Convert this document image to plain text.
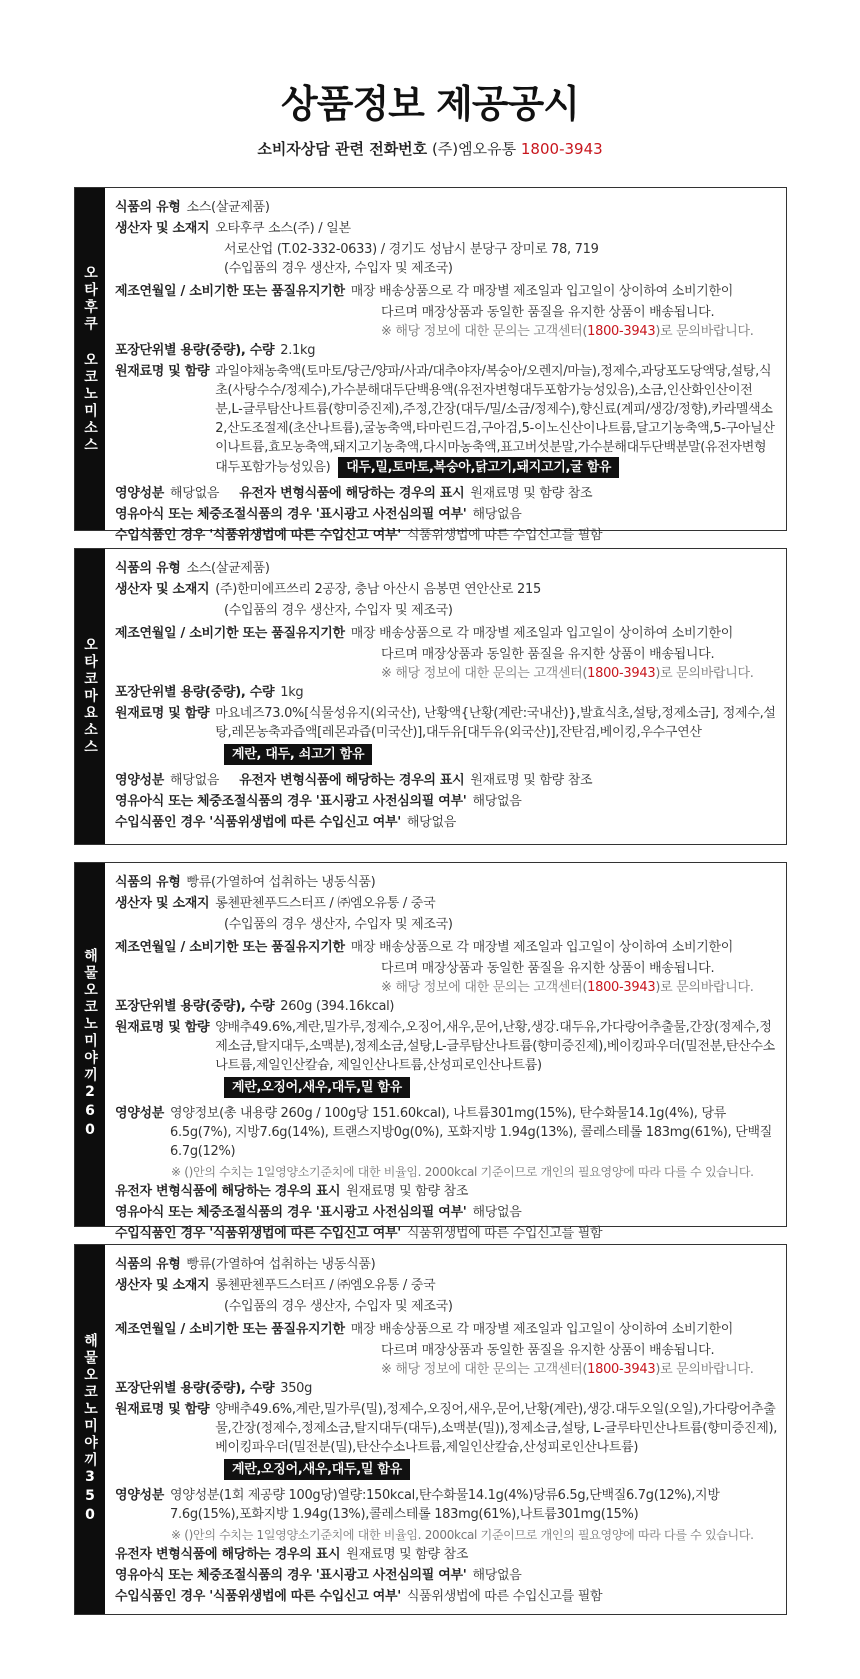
상품정보 제공공시
소비자상담 관련 전화번호 (주)엠오유통 1800-3943
오타후쿠 오코노미소스
식품의 유형 소스(살균제품)
생산자 및 소재지 오타후쿠 소스(주) / 일본
서로산업 (T.02-332-0633) / 경기도 성남시 분당구 장미로 78, 719
(수입품의 경우 생산자, 수입자 및 제조국)
제조연월일 / 소비기한 또는 품질유지기한 매장 배송상품으로 각 매장별 제조일과 입고일이 상이하여 소비기한이
다르며 매장상품과 동일한 품질을 유지한 상품이 배송됩니다.
※ 해당 정보에 대한 문의는 고객센터(1800-3943)로 문의바랍니다.
포장단위별 용량(중량), 수량 2.1kg
원재료명 및 함량 과일야채농축액(토마토/당근/양파/사과/대추야자/복숭아/오렌지/마늘),정제수,과당포도당액당,설탕,식초(사탕수수/정제수),가수분해대두단백용액(유전자변형대두포함가능성있음),소금,인산화인산이전분,L-글루탐산나트륨(향미증진제),주정,간장(대두/밀/소금/정제수),향신료(계피/생강/정향),카라멜색소2,산도조절제(초산나트륨),굴농축액,타마린드검,구아검,5-이노신산이나트륨,달고기농축액,5-구아닐산이나트륨,효모농축액,돼지고기농축액,다시마농축액,표고버섯분말,가수분해대두단백분말(유전자변형대두포함가능성있음) 대두,밀,토마토,복숭아,닭고기,돼지고기,굴 함유
영양성분 해당없음 유전자 변형식품에 해당하는 경우의 표시 원재료명 및 함량 참조
영유아식 또는 체중조절식품의 경우 '표시광고 사전심의필 여부' 해당없음
수입식품인 경우 '식품위생법에 따른 수입신고 여부' 식품위생법에 따른 수입신고를 필함
오타코마요소스
식품의 유형 소스(살균제품)
생산자 및 소재지 (주)한미에프쓰리 2공장, 충남 아산시 음봉면 연안산로 215
(수입품의 경우 생산자, 수입자 및 제조국)
제조연월일 / 소비기한 또는 품질유지기한 매장 배송상품으로 각 매장별 제조일과 입고일이 상이하여 소비기한이
다르며 매장상품과 동일한 품질을 유지한 상품이 배송됩니다.
※ 해당 정보에 대한 문의는 고객센터(1800-3943)로 문의바랍니다.
포장단위별 용량(중량), 수량 1kg
원재료명 및 함량 마요네즈73.0%[식물성유지(외국산), 난황액{난황(계란:국내산)},발효식초,설탕,정제소금], 정제수,설탕,레몬농축과즙액[레몬과즙(미국산)],대두유[대두유(외국산)],잔탄검,베이킹,우수구연산
계란, 대두, 쇠고기 함유
영양성분 해당없음 유전자 변형식품에 해당하는 경우의 표시 원재료명 및 함량 참조
영유아식 또는 체중조절식품의 경우 '표시광고 사전심의필 여부' 해당없음
수입식품인 경우 '식품위생법에 따른 수입신고 여부' 해당없음
해물오코노미야끼260
식품의 유형 빵류(가열하여 섭취하는 냉동식품)
생산자 및 소재지 롱첸판첸푸드스터프 / ㈜엠오유통 / 중국
(수입품의 경우 생산자, 수입자 및 제조국)
제조연월일 / 소비기한 또는 품질유지기한 매장 배송상품으로 각 매장별 제조일과 입고일이 상이하여 소비기한이
다르며 매장상품과 동일한 품질을 유지한 상품이 배송됩니다.
※ 해당 정보에 대한 문의는 고객센터(1800-3943)로 문의바랍니다.
포장단위별 용량(중량), 수량 260g (394.16kcal)
원재료명 및 함량 양배추49.6%,계란,밀가루,정제수,오징어,새우,문어,난황,생강.대두유,가다랑어추출물,간장(정제수,정제소금,탈지대두,소맥분),정제소금,설탕,L-글루탐산나트륨(향미증진제),베이킹파우더(밀전분,탄산수소나트륨,제일인산칼슘, 제일인산나트륨,산성피로인산나트륨)
계란,오징어,새우,대두,밀 함유
영양성분 영양정보(총 내용량 260g / 100g당 151.60kcal), 나트륨301mg(15%), 탄수화물14.1g(4%), 당류6.5g(7%), 지방7.6g(14%), 트랜스지방0g(0%), 포화지방 1.94g(13%), 콜레스테롤 183mg(61%), 단백질6.7g(12%)
※ ()안의 수치는 1일영양소기준치에 대한 비율임. 2000kcal 기준이므로 개인의 필요영양에 따라 다를 수 있습니다.
유전자 변형식품에 해당하는 경우의 표시 원재료명 및 함량 참조
영유아식 또는 체중조절식품의 경우 '표시광고 사전심의필 여부' 해당없음
수입식품인 경우 '식품위생법에 따른 수입신고 여부' 식품위생법에 따른 수입신고를 필함
해물오코노미야끼350
식품의 유형 빵류(가열하여 섭취하는 냉동식품)
생산자 및 소재지 롱첸판첸푸드스터프 / ㈜엠오유통 / 중국
(수입품의 경우 생산자, 수입자 및 제조국)
제조연월일 / 소비기한 또는 품질유지기한 매장 배송상품으로 각 매장별 제조일과 입고일이 상이하여 소비기한이
다르며 매장상품과 동일한 품질을 유지한 상품이 배송됩니다.
※ 해당 정보에 대한 문의는 고객센터(1800-3943)로 문의바랍니다.
포장단위별 용량(중량), 수량 350g
원재료명 및 함량 양배추49.6%,계란,밀가루(밀),정제수,오징어,새우,문어,난황(계란),생강.대두오일(오일),가다랑어추출물,간장(정제수,정제소금,탈지대두(대두),소맥분(밀)),정제소금,설탕, L-글루타민산나트륨(향미증진제),베이킹파우더(밀전분(밀),탄산수소나트륨,제일인산칼슘,산성피로인산나트륨)
계란,오징어,새우,대두,밀 함유
영양성분 영양성분(1회 제공량 100g당)열량:150kcal,탄수화물14.1g(4%)당류6.5g,단백질6.7g(12%),지방7.6g(15%),포화지방 1.94g(13%),콜레스테롤 183mg(61%),나트륨301mg(15%)
※ ()안의 수치는 1일영양소기준치에 대한 비율임. 2000kcal 기준이므로 개인의 필요영양에 따라 다를 수 있습니다.
유전자 변형식품에 해당하는 경우의 표시 원재료명 및 함량 참조
영유아식 또는 체중조절식품의 경우 '표시광고 사전심의필 여부' 해당없음
수입식품인 경우 '식품위생법에 따른 수입신고 여부' 식품위생법에 따른 수입신고를 필함
